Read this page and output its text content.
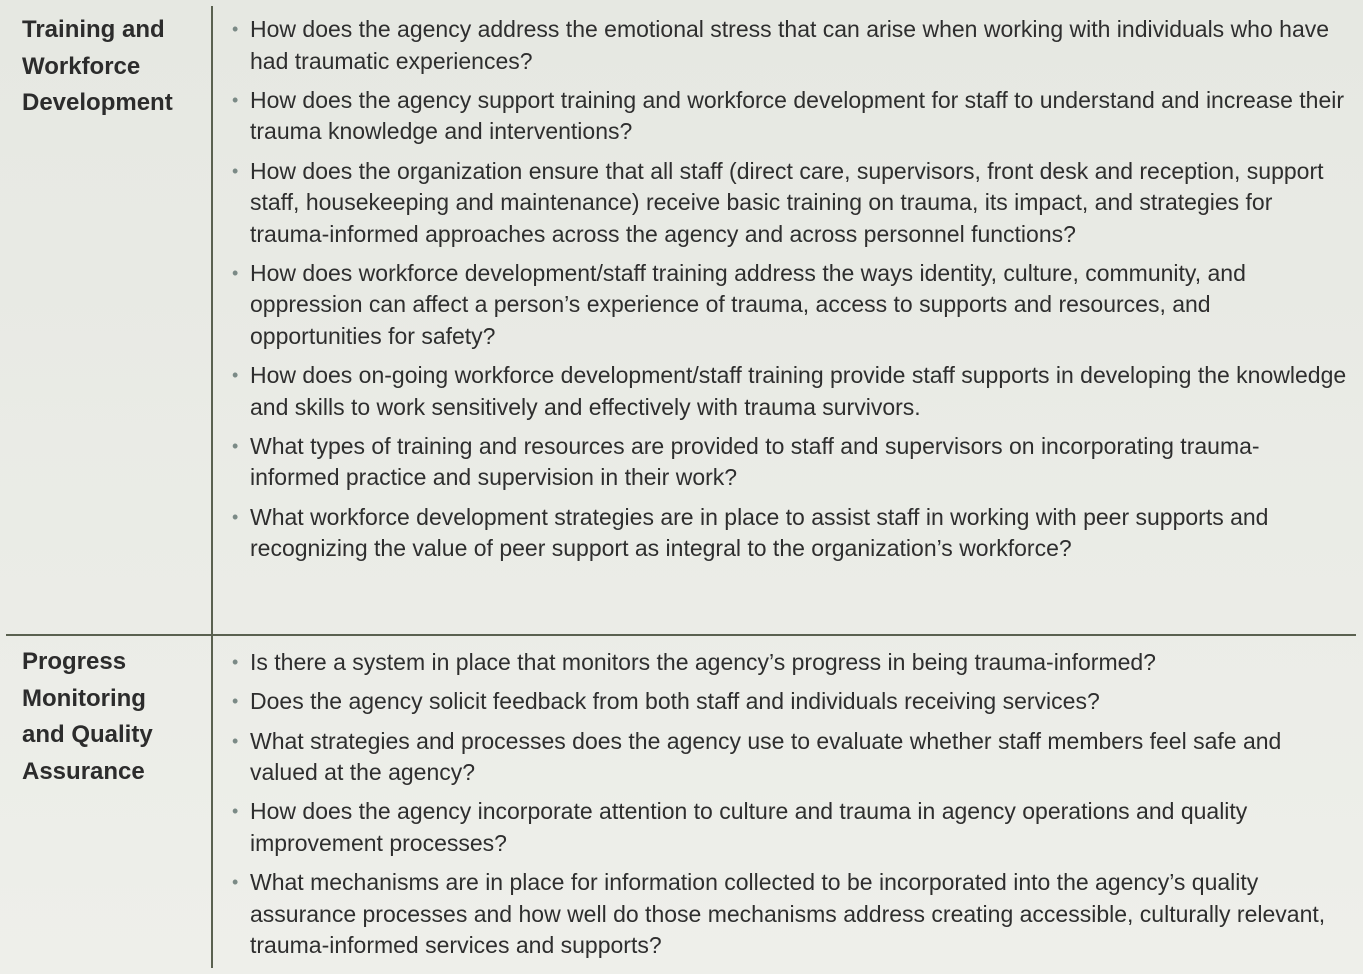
Training and
Workforce
Development
• How does the agency address the emotional stress that can arise when working with individuals who have had traumatic experiences?
• How does the agency support training and workforce development for staff to understand and increase their trauma knowledge and interventions?
• How does the organization ensure that all staff (direct care, supervisors, front desk and reception, support staff, housekeeping and maintenance) receive basic training on trauma, its impact, and strategies for trauma-informed approaches across the agency and across personnel functions?
• How does workforce development/staff training address the ways identity, culture, community, and oppression can affect a person’s experience of trauma, access to supports and resources, and opportunities for safety?
• How does on-going workforce development/staff training provide staff supports in developing the knowledge and skills to work sensitively and effectively with trauma survivors.
• What types of training and resources are provided to staff and supervisors on incorporating trauma-informed practice and supervision in their work?
• What workforce development strategies are in place to assist staff in working with peer supports and recognizing the value of peer support as integral to the organization’s workforce?
Progress
Monitoring
and Quality
Assurance
• Is there a system in place that monitors the agency’s progress in being trauma-informed?
• Does the agency solicit feedback from both staff and individuals receiving services?
• What strategies and processes does the agency use to evaluate whether staff members feel safe and valued at the agency?
• How does the agency incorporate attention to culture and trauma in agency operations and quality improvement processes?
• What mechanisms are in place for information collected to be incorporated into the agency’s quality assurance processes and how well do those mechanisms address creating accessible, culturally relevant, trauma-informed services and supports?
